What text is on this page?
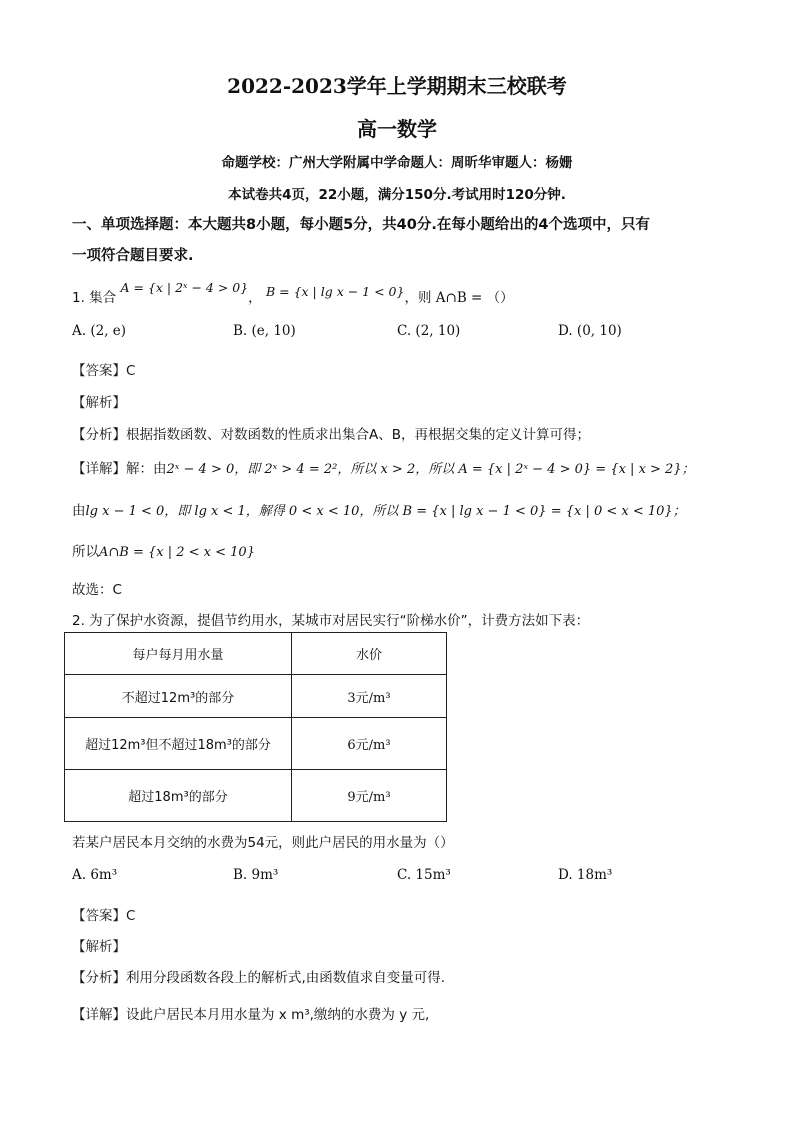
2022-2023学年上学期期末三校联考
高一数学
命题学校：广州大学附属中学命题人：周昕华审题人：杨姗
本试卷共4页，22小题，满分150分.考试用时120分钟.
一、单项选择题：本大题共8小题，每小题5分，共40分.在每小题给出的4个选项中，只有
一项符合题目要求.
1. 集合 A = {x | 2ˣ − 4 > 0}， B = {x | lg x − 1 < 0}，则 A∩B = （）
A. (2, e)	B. (e, 10)	C. (2, 10)	D. (0, 10)
【答案】C
【解析】
【分析】根据指数函数、对数函数的性质求出集合A、B，再根据交集的定义计算可得；
【详解】解：由2ˣ − 4 > 0，即 2ˣ > 4 = 2²，所以 x > 2，所以 A = {x | 2ˣ − 4 > 0} = {x | x > 2}；
由lg x − 1 < 0，即 lg x < 1，解得 0 < x < 10，所以 B = {x | lg x − 1 < 0} = {x | 0 < x < 10}；
所以A∩B = {x | 2 < x < 10}
故选：C
2. 为了保护水资源，提倡节约用水，某城市对居民实行“阶梯水价”，计费方法如下表：
每户每月用水量	水价
不超过12m³的部分	3元/m³
超过12m³但不超过18m³的部分	6元/m³
超过18m³的部分	9元/m³
若某户居民本月交纳的水费为54元，则此户居民的用水量为（）
A. 6m³	B. 9m³	C. 15m³	D. 18m³
【答案】C
【解析】
【分析】利用分段函数各段上的解析式,由函数值求自变量可得.
【详解】设此户居民本月用水量为 x m³,缴纳的水费为 y 元,
